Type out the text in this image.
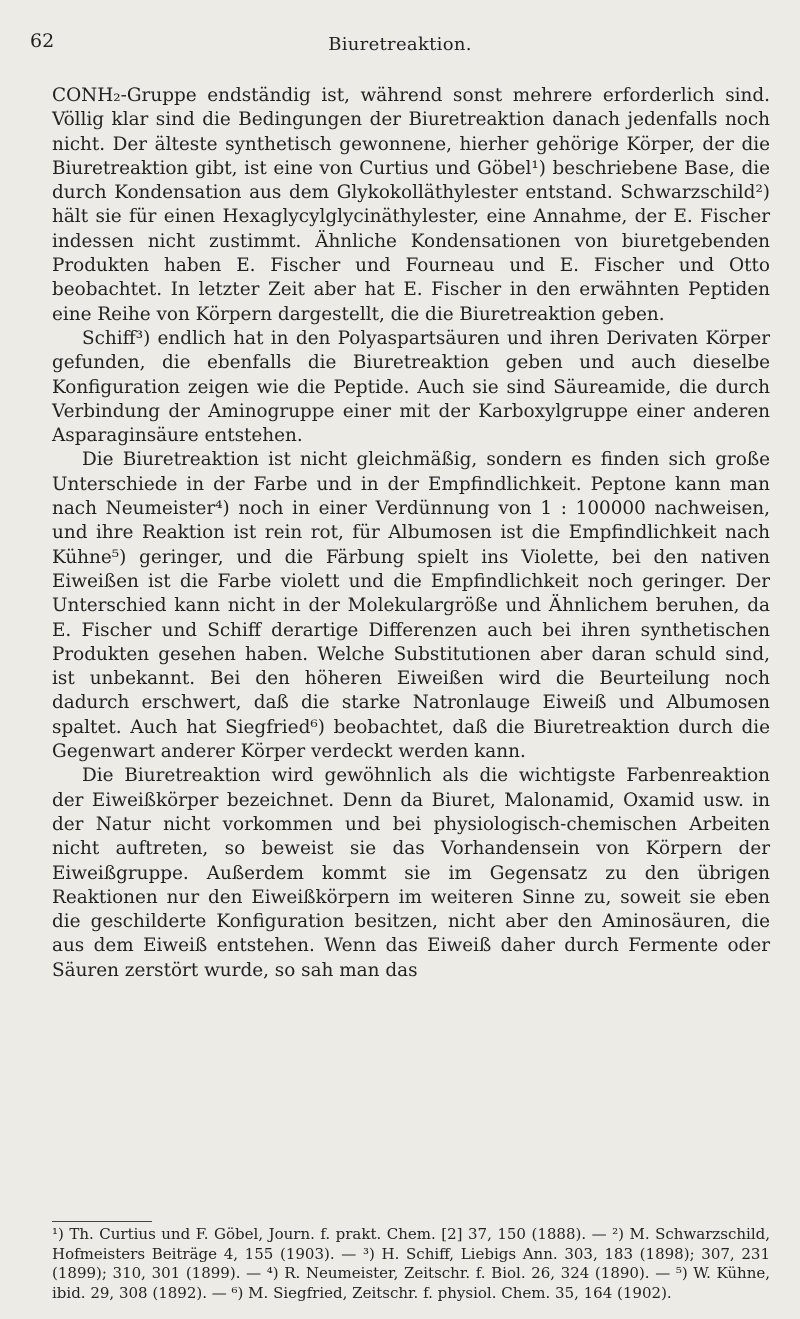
62	Biuretreaktion.

CONH₂-Gruppe endständig ist, während sonst mehrere erforderlich sind. Völlig klar sind die Bedingungen der Biuretreaktion danach jedenfalls noch nicht. Der älteste synthetisch gewonnene, hierher gehörige Körper, der die Biuretreaktion gibt, ist eine von Curtius und Göbel¹) beschriebene Base, die durch Kondensation aus dem Glykokolläthylester entstand. Schwarzschild²) hält sie für einen Hexaglycylglycinäthylester, eine Annahme, der E. Fischer indessen nicht zustimmt. Ähnliche Kondensationen von biuretgebenden Produkten haben E. Fischer und Fourneau und E. Fischer und Otto beobachtet. In letzter Zeit aber hat E. Fischer in den erwähnten Peptiden eine Reihe von Körpern dargestellt, die die Biuretreaktion geben.

Schiff³) endlich hat in den Polyaspartsäuren und ihren Derivaten Körper gefunden, die ebenfalls die Biuretreaktion geben und auch dieselbe Konfiguration zeigen wie die Peptide. Auch sie sind Säureamide, die durch Verbindung der Aminogruppe einer mit der Karboxylgruppe einer anderen Asparaginsäure entstehen.

Die Biuretreaktion ist nicht gleichmäßig, sondern es finden sich große Unterschiede in der Farbe und in der Empfindlichkeit. Peptone kann man nach Neumeister⁴) noch in einer Verdünnung von 1 : 100000 nachweisen, und ihre Reaktion ist rein rot, für Albumosen ist die Empfindlichkeit nach Kühne⁵) geringer, und die Färbung spielt ins Violette, bei den nativen Eiweißen ist die Farbe violett und die Empfindlichkeit noch geringer. Der Unterschied kann nicht in der Molekulargröße und Ähnlichem beruhen, da E. Fischer und Schiff derartige Differenzen auch bei ihren synthetischen Produkten gesehen haben. Welche Substitutionen aber daran schuld sind, ist unbekannt. Bei den höheren Eiweißen wird die Beurteilung noch dadurch erschwert, daß die starke Natronlauge Eiweiß und Albumosen spaltet. Auch hat Siegfried⁶) beobachtet, daß die Biuretreaktion durch die Gegenwart anderer Körper verdeckt werden kann.

Die Biuretreaktion wird gewöhnlich als die wichtigste Farbenreaktion der Eiweißkörper bezeichnet. Denn da Biuret, Malonamid, Oxamid usw. in der Natur nicht vorkommen und bei physiologisch-chemischen Arbeiten nicht auftreten, so beweist sie das Vorhandensein von Körpern der Eiweißgruppe. Außerdem kommt sie im Gegensatz zu den übrigen Reaktionen nur den Eiweißkörpern im weiteren Sinne zu, soweit sie eben die geschilderte Konfiguration besitzen, nicht aber den Aminosäuren, die aus dem Eiweiß entstehen. Wenn das Eiweiß daher durch Fermente oder Säuren zerstört wurde, so sah man das

¹) Th. Curtius und F. Göbel, Journ. f. prakt. Chem. [2] 37, 150 (1888). — ²) M. Schwarzschild, Hofmeisters Beiträge 4, 155 (1903). — ³) H. Schiff, Liebigs Ann. 303, 183 (1898); 307, 231 (1899); 310, 301 (1899). — ⁴) R. Neumeister, Zeitschr. f. Biol. 26, 324 (1890). — ⁵) W. Kühne, ibid. 29, 308 (1892). — ⁶) M. Siegfried, Zeitschr. f. physiol. Chem. 35, 164 (1902).
